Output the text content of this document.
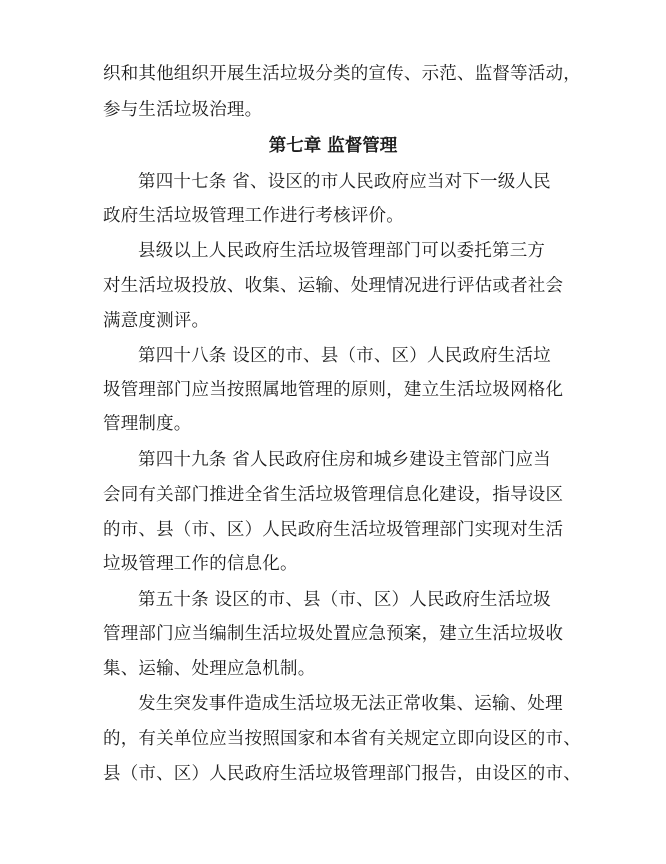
织和其他组织开展生活垃圾分类的宣传、示范、监督等活动，
参与生活垃圾治理。
第七章 监督管理
第四十七条 省、设区的市人民政府应当对下一级人民
政府生活垃圾管理工作进行考核评价。
县级以上人民政府生活垃圾管理部门可以委托第三方
对生活垃圾投放、收集、运输、处理情况进行评估或者社会
满意度测评。
第四十八条 设区的市、县（市、区）人民政府生活垃
圾管理部门应当按照属地管理的原则，建立生活垃圾网格化
管理制度。
第四十九条 省人民政府住房和城乡建设主管部门应当
会同有关部门推进全省生活垃圾管理信息化建设，指导设区
的市、县（市、区）人民政府生活垃圾管理部门实现对生活
垃圾管理工作的信息化。
第五十条 设区的市、县（市、区）人民政府生活垃圾
管理部门应当编制生活垃圾处置应急预案，建立生活垃圾收
集、运输、处理应急机制。
发生突发事件造成生活垃圾无法正常收集、运输、处理
的，有关单位应当按照国家和本省有关规定立即向设区的市、
县（市、区）人民政府生活垃圾管理部门报告，由设区的市、
